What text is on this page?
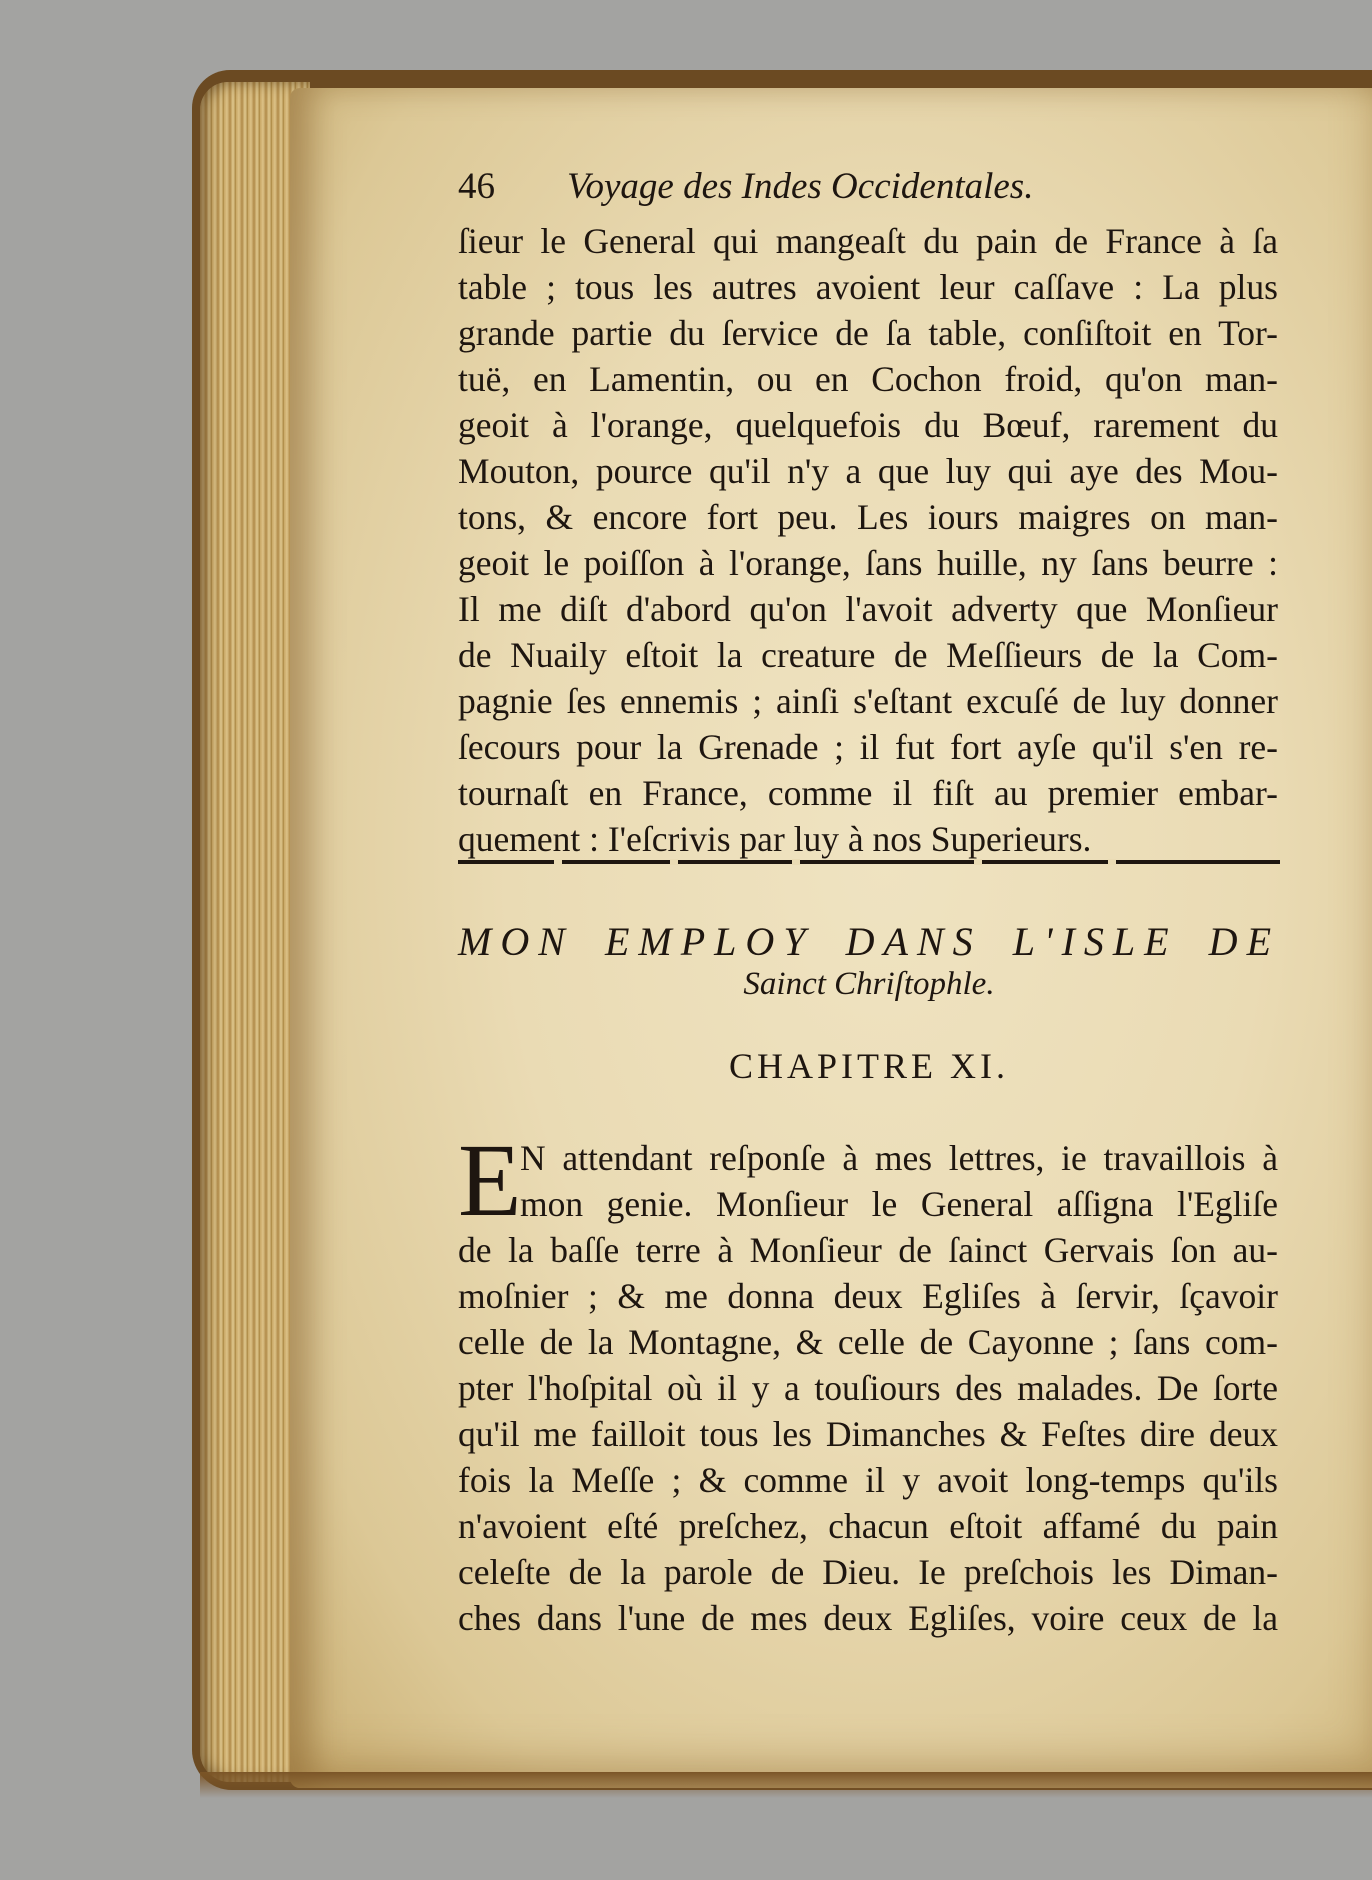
46 Voyage des Indes Occidentales.
ſieur le General qui mangeaſt du pain de France à ſa
table ; tous les autres avoient leur caſſave : La plus
grande partie du ſervice de ſa table, conſiſtoit en Tor-
tuë, en Lamentin, ou en Cochon froid, qu'on man-
geoit à l'orange, quelquefois du Bœuf, rarement du
Mouton, pource qu'il n'y a que luy qui aye des Mou-
tons, & encore fort peu. Les iours maigres on man-
geoit le poiſſon à l'orange, ſans huille, ny ſans beurre :
Il me diſt d'abord qu'on l'avoit adverty que Monſieur
de Nuaily eſtoit la creature de Meſſieurs de la Com-
pagnie ſes ennemis ; ainſi s'eſtant excuſé de luy donner
ſecours pour la Grenade ; il fut fort ayſe qu'il s'en re-
tournaſt en France, comme il fiſt au premier embar-
quement : I'eſcrivis par luy à nos Superieurs.
MON EMPLOY DANS L'ISLE DE
Sainct Chriſtophle.
CHAPITRE XI.
E
N attendant reſponſe à mes lettres, ie travaillois à
mon genie. Monſieur le General aſſigna l'Egliſe
de la baſſe terre à Monſieur de ſainct Gervais ſon au-
moſnier ; & me donna deux Egliſes à ſervir, ſçavoir
celle de la Montagne, & celle de Cayonne ; ſans com-
pter l'hoſpital où il y a touſiours des malades. De ſorte
qu'il me failloit tous les Dimanches & Feſtes dire deux
fois la Meſſe ; & comme il y avoit long-temps qu'ils
n'avoient eſté preſchez, chacun eſtoit affamé du pain
celeſte de la parole de Dieu. Ie preſchois les Diman-
ches dans l'une de mes deux Egliſes, voire ceux de la
